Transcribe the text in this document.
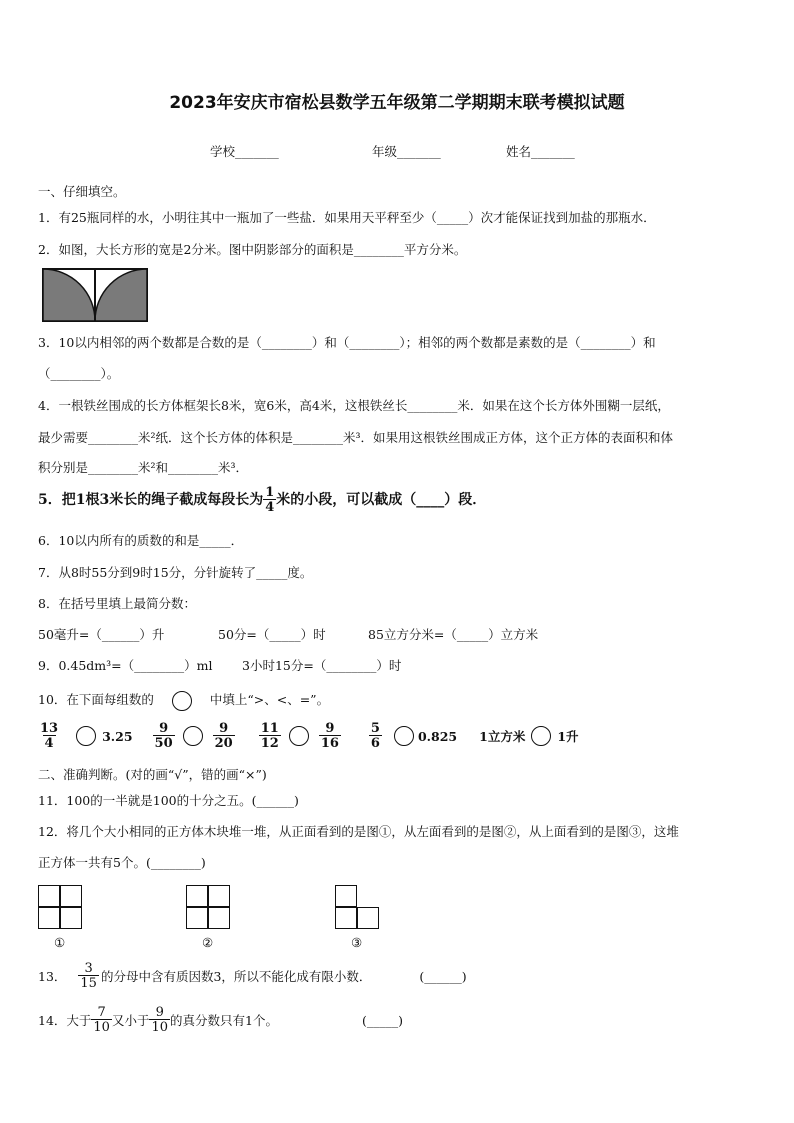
2023年安庆市宿松县数学五年级第二学期期末联考模拟试题
学校_______	年级_______	姓名_______
一、仔细填空。
1．有25瓶同样的水，小明往其中一瓶加了一些盐．如果用天平秤至少（_____）次才能保证找到加盐的那瓶水．
2．如图，大长方形的宽是2分米。图中阴影部分的面积是________平方分米。
3．10以内相邻的两个数都是合数的是（________）和（________）；相邻的两个数都是素数的是（________）和
（________）。
4．一根铁丝围成的长方体框架长8米，宽6米，高4米，这根铁丝长________米．如果在这个长方体外围糊一层纸，
最少需要________米²纸．这个长方体的体积是________米³．如果用这根铁丝围成正方体，这个正方体的表面积和体
积分别是________米²和________米³．
5．把1根3米长的绳子截成每段长为 $\frac{1}{4}$ 米的小段，可以截成（____）段．
6．10以内所有的质数的和是_____．
7．从8时55分到9时15分，分针旋转了_____度。
8．在括号里填上最简分数：
50毫升=（______）升	50分=（_____）时	85立方分米=（_____）立方米
9．0.45dm³=（________）ml 3小时15分=（________）时
10．在下面每组数的	中填上“>、<、=”。
$\frac{13}{4}$	$3.25 \frac{9}{50}$	$\frac{9}{20} \frac{11}{12}$	$\frac{9}{16} \frac{5}{6}$	0.825 1立方米	1升
二、准确判断。(对的画“√”，错的画“×”)
11．100的一半就是100的十分之五。(______)
12．将几个大小相同的正方体木块堆一堆，从正面看到的是图①，从左面看到的是图②，从上面看到的是图③，这堆
正方体一共有5个。(________)
①	②	③
13． $\frac{3}{15}$ 的分母中含有质因数3，所以不能化成有限小数．	(______)
14．大于 $\frac{7}{10}$ 又小于 $\frac{9}{10}$ 的真分数只有1个。	(_____)
